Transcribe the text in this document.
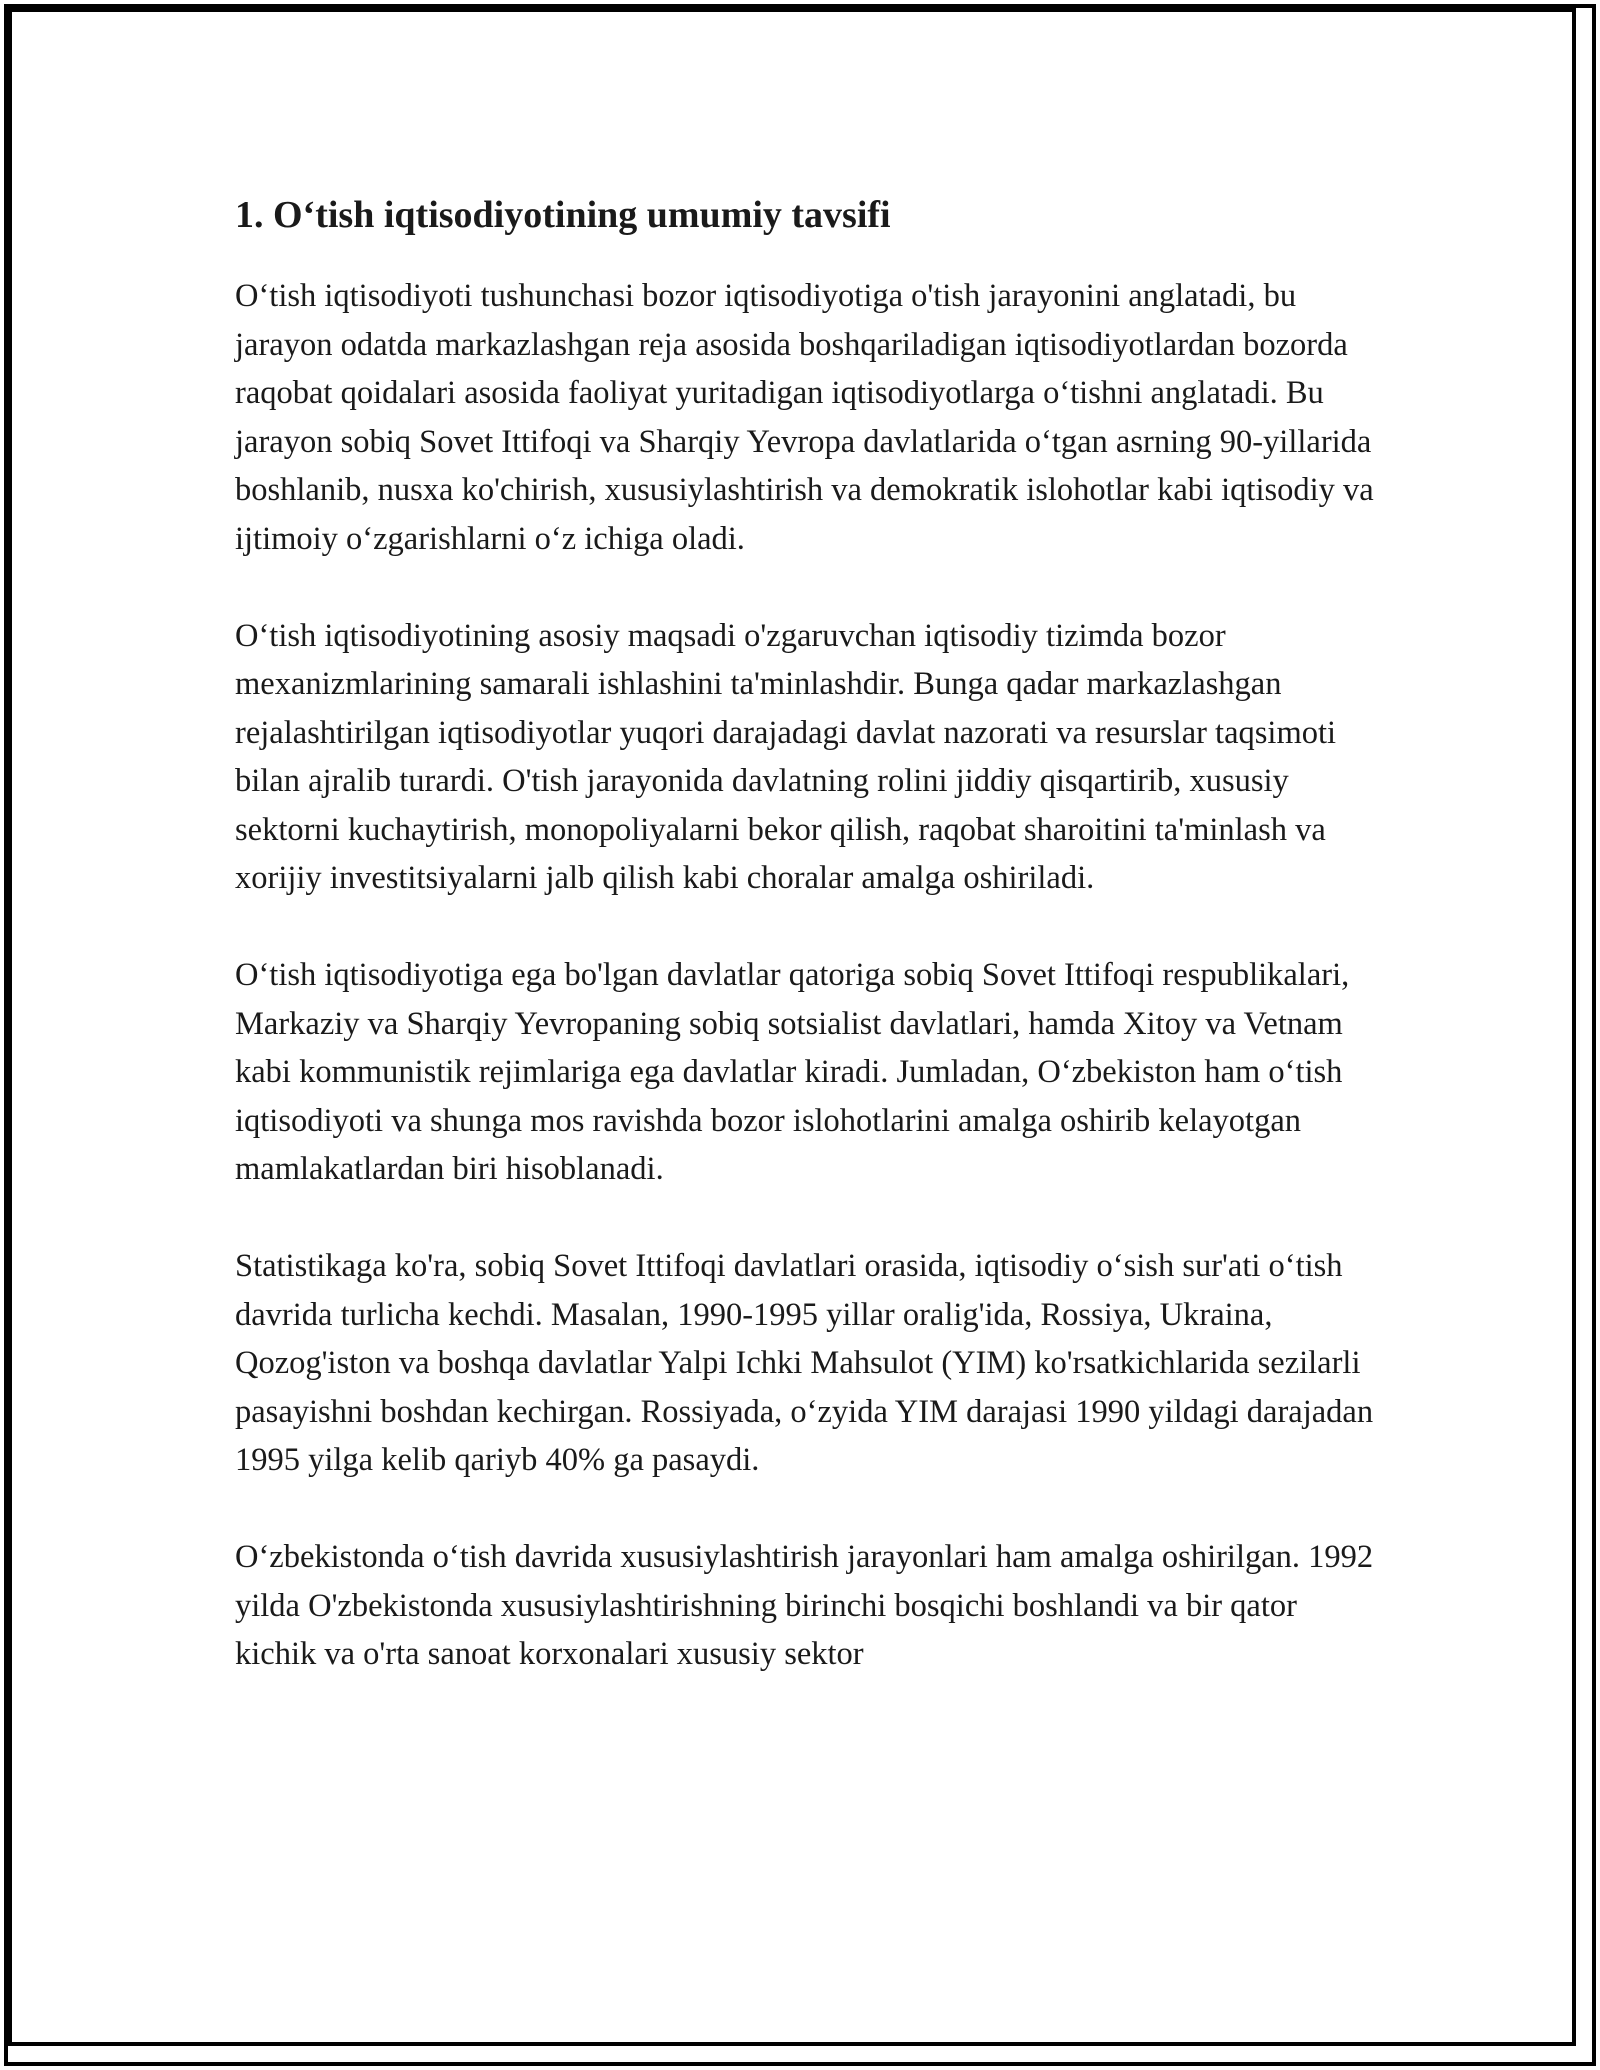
1. O‘tish iqtisodiyotining umumiy tavsifi

O‘tish iqtisodiyoti tushunchasi bozor iqtisodiyotiga o'tish jarayonini anglatadi, bu jarayon odatda markazlashgan reja asosida boshqariladigan iqtisodiyotlardan bozorda raqobat qoidalari asosida faoliyat yuritadigan iqtisodiyotlarga o‘tishni anglatadi. Bu jarayon sobiq Sovet Ittifoqi va Sharqiy Yevropa davlatlarida o‘tgan asrning 90-yillarida boshlanib, nusxa ko'chirish, xususiylashtirish va demokratik islohotlar kabi iqtisodiy va ijtimoiy o‘zgarishlarni o‘z ichiga oladi.

O‘tish iqtisodiyotining asosiy maqsadi o'zgaruvchan iqtisodiy tizimda bozor mexanizmlarining samarali ishlashini ta'minlashdir. Bunga qadar markazlashgan rejalashtirilgan iqtisodiyotlar yuqori darajadagi davlat nazorati va resurslar taqsimoti bilan ajralib turardi. O'tish jarayonida davlatning rolini jiddiy qisqartirib, xususiy sektorni kuchaytirish, monopoliyalarni bekor qilish, raqobat sharoitini ta'minlash va xorijiy investitsiyalarni jalb qilish kabi choralar amalga oshiriladi.

O‘tish iqtisodiyotiga ega bo'lgan davlatlar qatoriga sobiq Sovet Ittifoqi respublikalari, Markaziy va Sharqiy Yevropaning sobiq sotsialist davlatlari, hamda Xitoy va Vetnam kabi kommunistik rejimlariga ega davlatlar kiradi. Jumladan, O‘zbekiston ham o‘tish iqtisodiyoti va shunga mos ravishda bozor islohotlarini amalga oshirib kelayotgan mamlakatlardan biri hisoblanadi.

Statistikaga ko'ra, sobiq Sovet Ittifoqi davlatlari orasida, iqtisodiy o‘sish sur'ati o‘tish davrida turlicha kechdi. Masalan, 1990-1995 yillar oralig'ida, Rossiya, Ukraina, Qozog'iston va boshqa davlatlar Yalpi Ichki Mahsulot (YIM) ko'rsatkichlarida sezilarli pasayishni boshdan kechirgan. Rossiyada, o‘zyida YIM darajasi 1990 yildagi darajadan 1995 yilga kelib qariyb 40% ga pasaydi.

O‘zbekistonda o‘tish davrida xususiylashtirish jarayonlari ham amalga oshirilgan. 1992 yilda O'zbekistonda xususiylashtirishning birinchi bosqichi boshlandi va bir qator kichik va o'rta sanoat korxonalari xususiy sektor
